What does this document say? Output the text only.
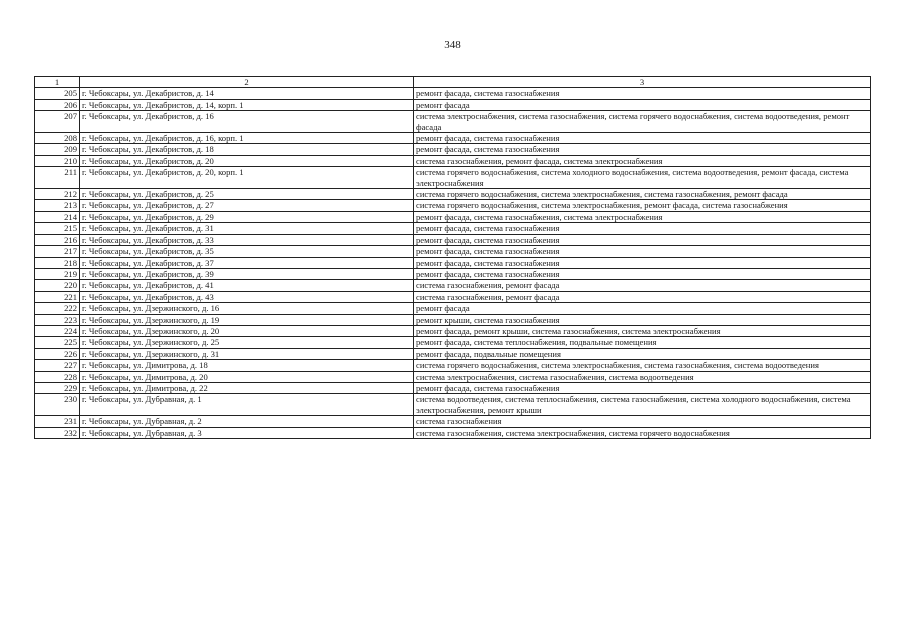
348
1	2	3
205	г. Чебоксары, ул. Декабристов, д. 14	ремонт фасада, система газоснабжения
206	г. Чебоксары, ул. Декабристов, д. 14, корп. 1	ремонт фасада
207	г. Чебоксары, ул. Декабристов, д. 16	система электроснабжения, система газоснабжения, система горячего водоснабжения, система водоотведения, ремонт фасада
208	г. Чебоксары, ул. Декабристов, д. 16, корп. 1	ремонт фасада, система газоснабжения
209	г. Чебоксары, ул. Декабристов, д. 18	ремонт фасада, система газоснабжения
210	г. Чебоксары, ул. Декабристов, д. 20	система газоснабжения, ремонт фасада, система электроснабжения
211	г. Чебоксары, ул. Декабристов, д. 20, корп. 1	система горячего водоснабжения, система холодного водоснабжения, система водоотведения, ремонт фасада, система электроснабжения
212	г. Чебоксары, ул. Декабристов, д. 25	система горячего водоснабжения, система электроснабжения, система газоснабжения, ремонт фасада
213	г. Чебоксары, ул. Декабристов, д. 27	система горячего водоснабжения, система электроснабжения, ремонт фасада, система газоснабжения
214	г. Чебоксары, ул. Декабристов, д. 29	ремонт фасада, система газоснабжения, система электроснабжения
215	г. Чебоксары, ул. Декабристов, д. 31	ремонт фасада, система газоснабжения
216	г. Чебоксары, ул. Декабристов, д. 33	ремонт фасада, система газоснабжения
217	г. Чебоксары, ул. Декабристов, д. 35	ремонт фасада, система газоснабжения
218	г. Чебоксары, ул. Декабристов, д. 37	ремонт фасада, система газоснабжения
219	г. Чебоксары, ул. Декабристов, д. 39	ремонт фасада, система газоснабжения
220	г. Чебоксары, ул. Декабристов, д. 41	система газоснабжения, ремонт фасада
221	г. Чебоксары, ул. Декабристов, д. 43	система газоснабжения, ремонт фасада
222	г. Чебоксары, ул. Дзержинского, д. 16	ремонт фасада
223	г. Чебоксары, ул. Дзержинского, д. 19	ремонт крыши, система газоснабжения
224	г. Чебоксары, ул. Дзержинского, д. 20	ремонт фасада, ремонт крыши, система газоснабжения, система электроснабжения
225	г. Чебоксары, ул. Дзержинского, д. 25	ремонт фасада, система теплоснабжения, подвальные помещения
226	г. Чебоксары, ул. Дзержинского, д. 31	ремонт фасада, подвальные помещения
227	г. Чебоксары, ул. Димитрова, д. 18	система горячего водоснабжения, система электроснабжения, система газоснабжения, система водоотведения
228	г. Чебоксары, ул. Димитрова, д. 20	система электроснабжения, система газоснабжения, система водоотведения
229	г. Чебоксары, ул. Димитрова, д. 22	ремонт фасада, система газоснабжения
230	г. Чебоксары, ул. Дубравная, д. 1	система водоотведения, система теплоснабжения, система газоснабжения, система холодного водоснабжения, система электроснабжения, ремонт крыши
231	г. Чебоксары, ул. Дубравная, д. 2	система газоснабжения
232	г. Чебоксары, ул. Дубравная, д. 3	система газоснабжения, система электроснабжения, система горячего водоснабжения
